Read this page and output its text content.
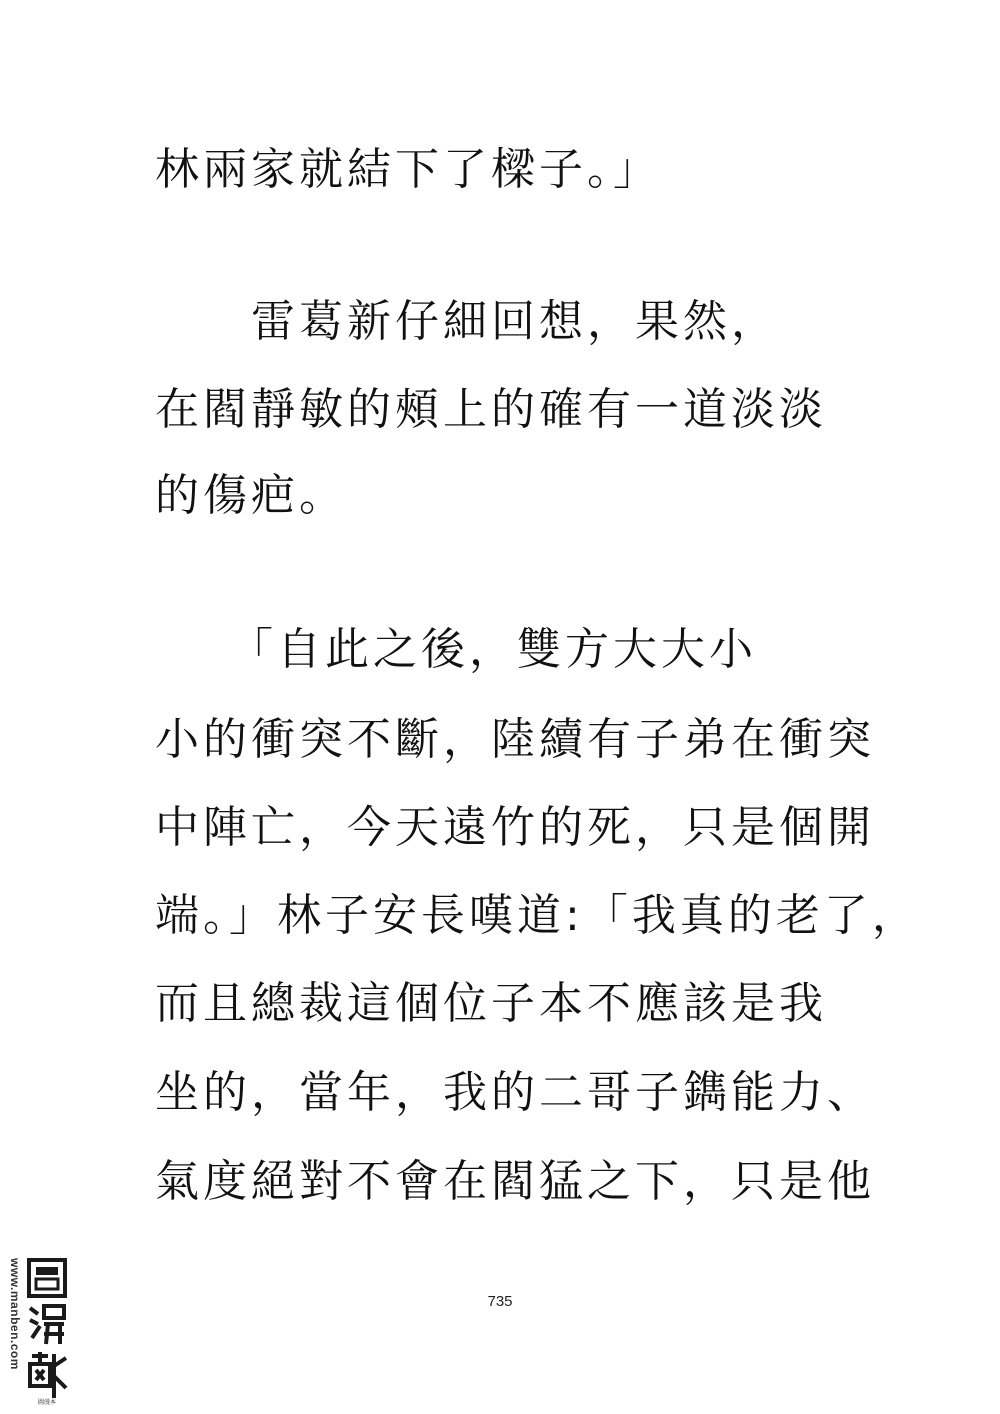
林兩家就結下了樑子。」
　　雷葛新仔細回想，果然，
在閻靜敏的頰上的確有一道淡淡
的傷疤。
　　「自此之後，雙方大大小
小的衝突不斷，陸續有子弟在衝突
中陣亡，今天遠竹的死，只是個開
端。」林子安長嘆道:「我真的老了，
而且總裁這個位子本不應該是我
坐的，當年，我的二哥子鐫能力、
氣度絕對不會在閻猛之下，只是他
735
www.manben.com
圖漫本
